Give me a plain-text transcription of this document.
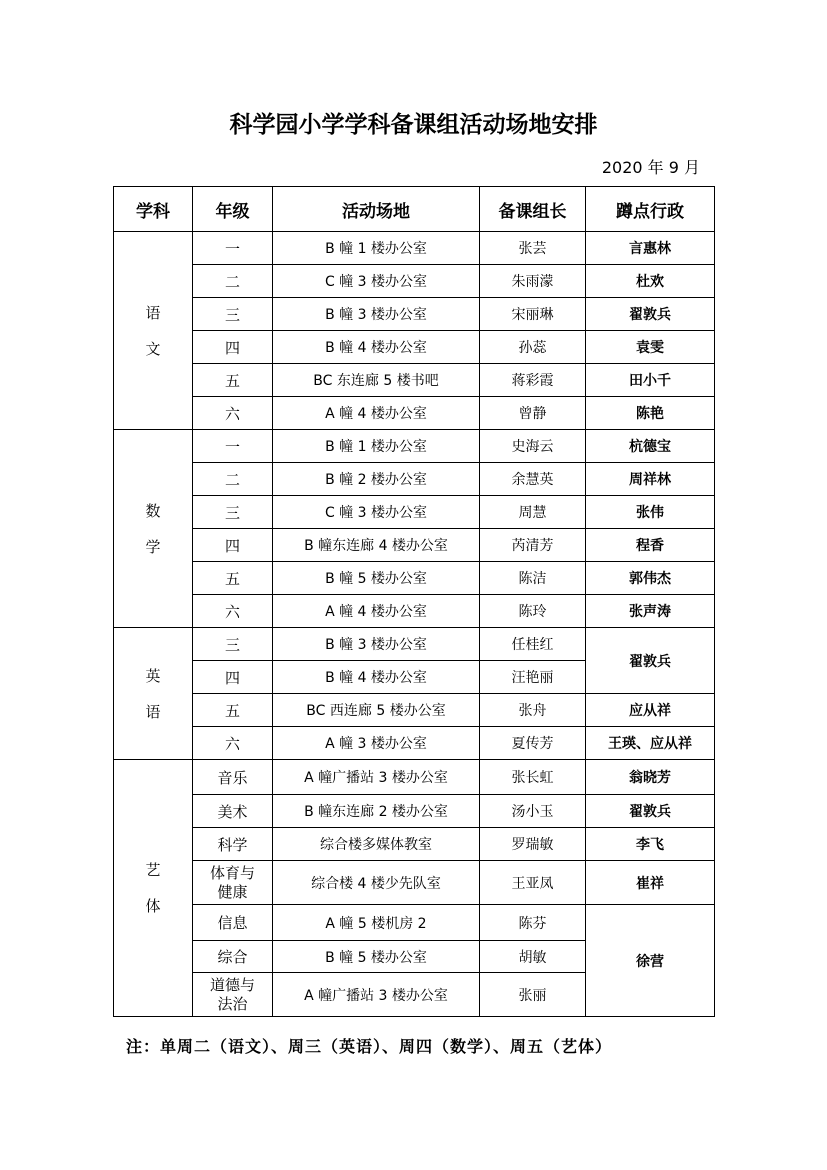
科学园小学学科备课组活动场地安排
2020 年 9 月
学科	年级	活动场地	备课组长	蹲点行政

语
文	一	B 幢 1 楼办公室	张芸	言惠林
	二	C 幢 3 楼办公室	朱雨濛	杜欢
	三	B 幢 3 楼办公室	宋丽琳	翟敦兵
	四	B 幢 4 楼办公室	孙蕊	袁雯
	五	BC 东连廊 5 楼书吧	蒋彩霞	田小千
	六	A 幢 4 楼办公室	曾静	陈艳

数
学	一	B 幢 1 楼办公室	史海云	杭德宝
	二	B 幢 2 楼办公室	余慧英	周祥林
	三	C 幢 3 楼办公室	周慧	张伟
	四	B 幢东连廊 4 楼办公室	芮清芳	程香
	五	B 幢 5 楼办公室	陈洁	郭伟杰
	六	A 幢 4 楼办公室	陈玲	张声涛

英
语	三	B 幢 3 楼办公室	任桂红	翟敦兵
	四	B 幢 4 楼办公室	汪艳丽	
	五	BC 西连廊 5 楼办公室	张舟	应从祥
	六	A 幢 3 楼办公室	夏传芳	王瑛、应从祥

艺
体	音乐	A 幢广播站 3 楼办公室	张长虹	翁晓芳
	美术	B 幢东连廊 2 楼办公室	汤小玉	翟敦兵
	科学	综合楼多媒体教室	罗瑞敏	李飞

	体育与
健康	综合楼 4 楼少先队室	王亚凤	崔祥
	信息	A 幢 5 楼机房 2	陈芬	徐营
	综合	B 幢 5 楼办公室	胡敏	

	道德与
法治	A 幢广播站 3 楼办公室	张丽	
注：单周二（语文）、周三（英语）、周四（数学）、周五（艺体）
